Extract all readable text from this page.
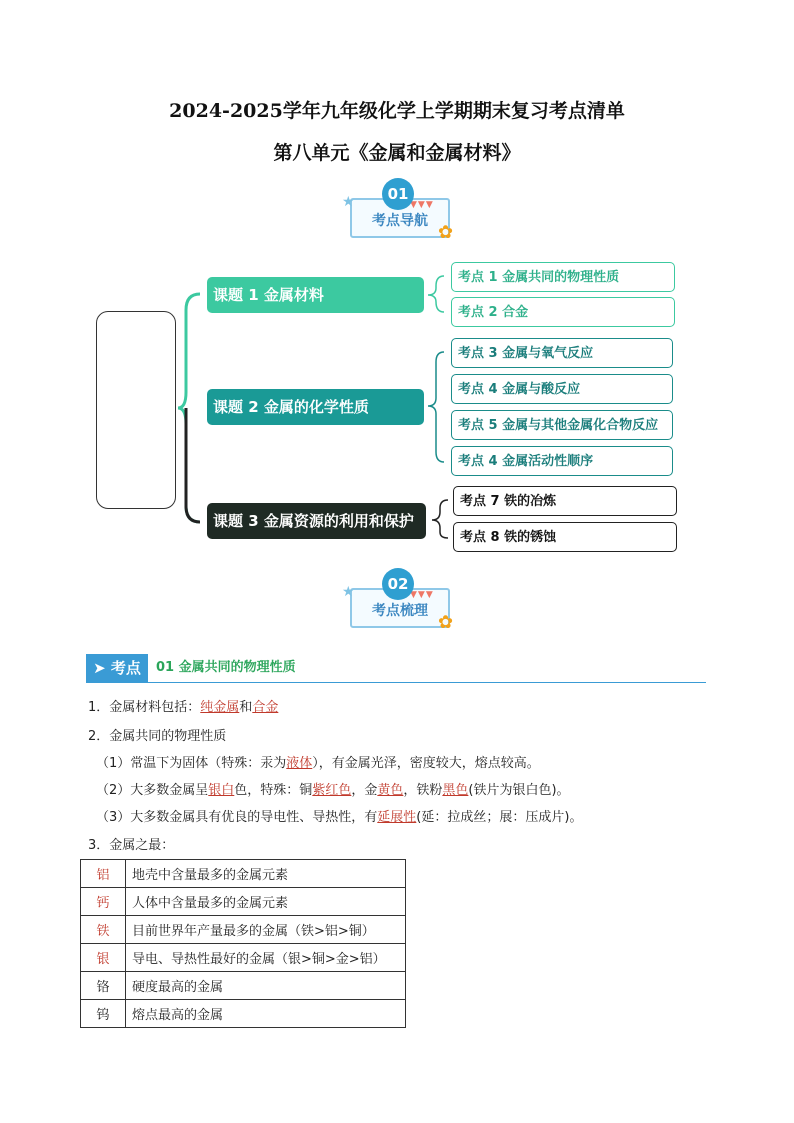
2024-2025学年九年级化学上学期期末复习考点清单
第八单元《金属和金属材料》
01
★	▼▼▼
考点导航
✿
课题 1 金属材料
课题 2 金属的化学性质
课题 3 金属资源的利用和保护
考点 1 金属共同的物理性质
考点 2 合金
考点 3 金属与氧气反应
考点 4 金属与酸反应
考点 5 金属与其他金属化合物反应
考点 4 金属活动性顺序
考点 7 铁的冶炼
考点 8 铁的锈蚀
02
★	▼▼▼
考点梳理
✿
➤ 考点	01 金属共同的物理性质
1．金属材料包括：纯金属和合金
2．金属共同的物理性质
（1）常温下为固体（特殊：汞为液体），有金属光泽，密度较大，熔点较高。
（2）大多数金属呈银白色，特殊：铜紫红色，金黄色，铁粉黑色(铁片为银白色)。
（3）大多数金属具有优良的导电性、导热性，有延展性(延：拉成丝；展：压成片)。
3．金属之最：
铝	地壳中含量最多的金属元素
钙	人体中含量最多的金属元素
铁	目前世界年产量最多的金属（铁>铝>铜）
银	导电、导热性最好的金属（银>铜>金>铝）
铬	硬度最高的金属
钨	熔点最高的金属
